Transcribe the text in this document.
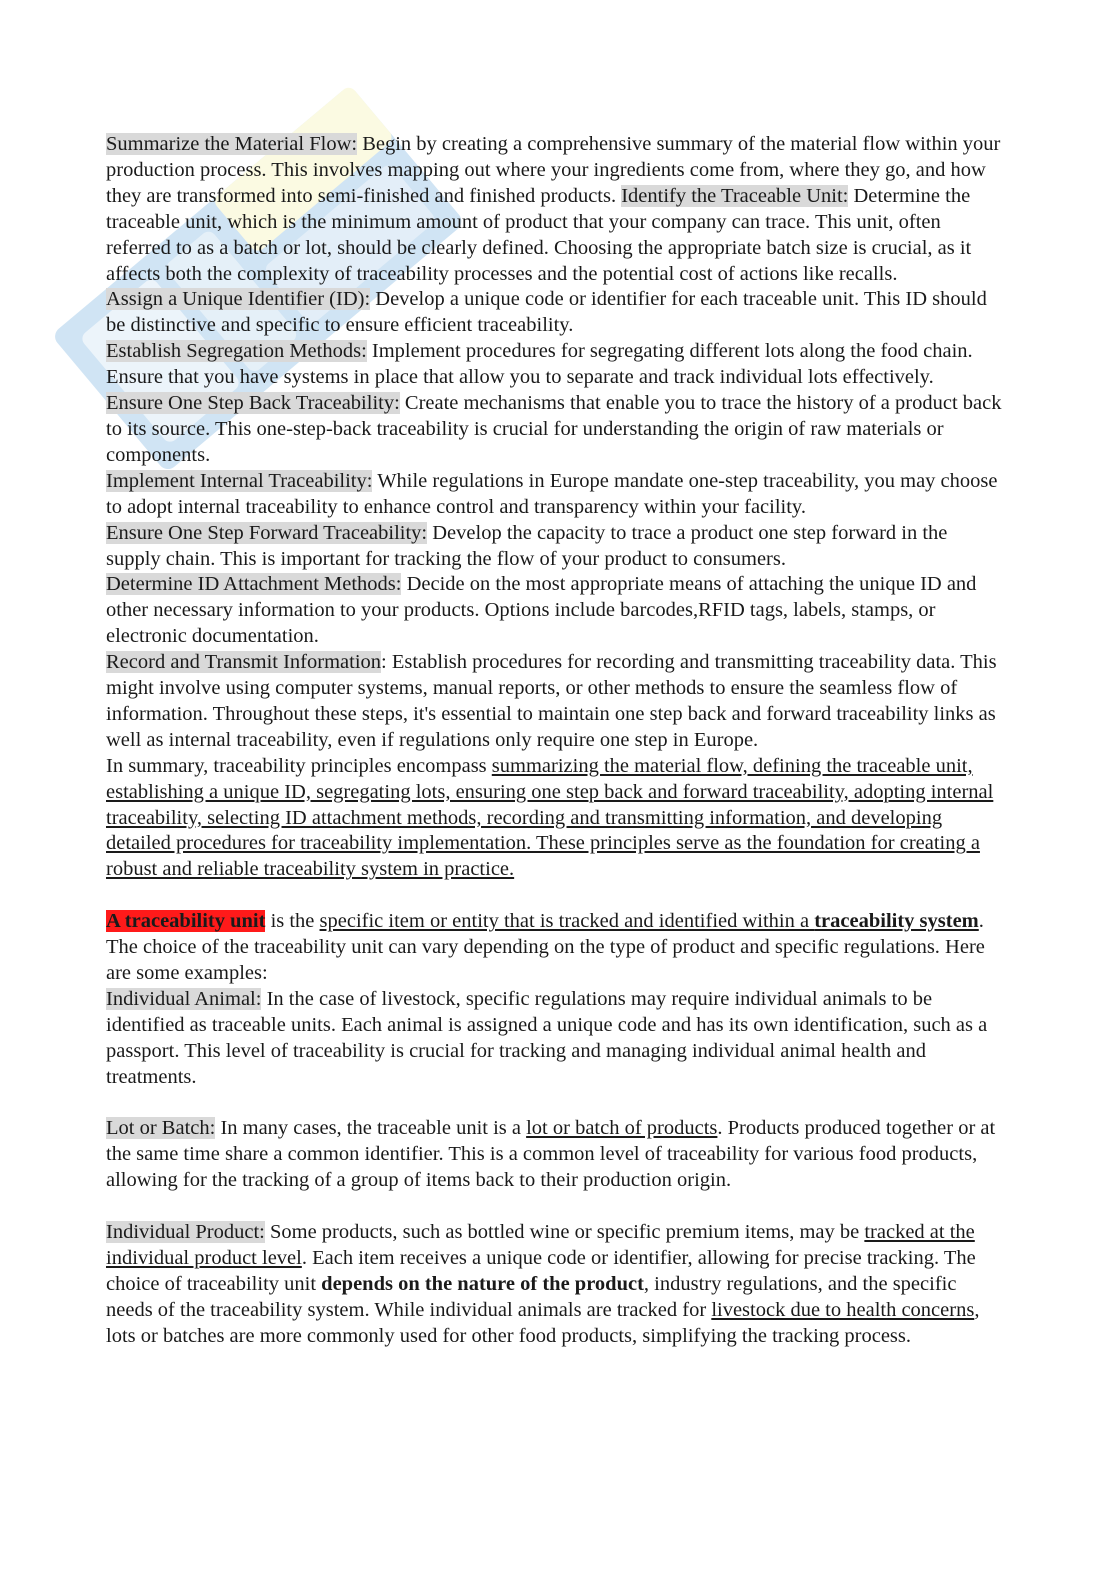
Summarize the Material Flow: Begin by creating a comprehensive summary of the material flow within your production process. This involves mapping out where your ingredients come from, where they go, and how they are transformed into semi-finished and finished products. Identify the Traceable Unit: Determine the traceable unit, which is the minimum amount of product that your company can trace. This unit, often referred to as a batch or lot, should be clearly defined. Choosing the appropriate batch size is crucial, as it affects both the complexity of traceability processes and the potential cost of actions like recalls.

Assign a Unique Identifier (ID): Develop a unique code or identifier for each traceable unit. This ID should be distinctive and specific to ensure efficient traceability.

Establish Segregation Methods: Implement procedures for segregating different lots along the food chain. Ensure that you have systems in place that allow you to separate and track individual lots effectively.

Ensure One Step Back Traceability: Create mechanisms that enable you to trace the history of a product back to its source. This one-step-back traceability is crucial for understanding the origin of raw materials or components.

Implement Internal Traceability: While regulations in Europe mandate one-step traceability, you may choose to adopt internal traceability to enhance control and transparency within your facility.

Ensure One Step Forward Traceability: Develop the capacity to trace a product one step forward in the supply chain. This is important for tracking the flow of your product to consumers.

Determine ID Attachment Methods: Decide on the most appropriate means of attaching the unique ID and other necessary information to your products. Options include barcodes,RFID tags, labels, stamps, or electronic documentation.

Record and Transmit Information: Establish procedures for recording and transmitting traceability data. This might involve using computer systems, manual reports, or other methods to ensure the seamless flow of information. Throughout these steps, it's essential to maintain one step back and forward traceability links as well as internal traceability, even if regulations only require one step in Europe.

In summary, traceability principles encompass summarizing the material flow, defining the traceable unit, establishing a unique ID, segregating lots, ensuring one step back and forward traceability, adopting internal traceability, selecting ID attachment methods, recording and transmitting information, and developing detailed procedures for traceability implementation. These principles serve as the foundation for creating a robust and reliable traceability system in practice.

A traceability unit is the specific item or entity that is tracked and identified within a traceability system. The choice of the traceability unit can vary depending on the type of product and specific regulations. Here are some examples:

Individual Animal: In the case of livestock, specific regulations may require individual animals to be identified as traceable units. Each animal is assigned a unique code and has its own identification, such as a passport. This level of traceability is crucial for tracking and managing individual animal health and treatments.

Lot or Batch: In many cases, the traceable unit is a lot or batch of products. Products produced together or at the same time share a common identifier. This is a common level of traceability for various food products, allowing for the tracking of a group of items back to their production origin.

Individual Product: Some products, such as bottled wine or specific premium items, may be tracked at the individual product level. Each item receives a unique code or identifier, allowing for precise tracking. The choice of traceability unit depends on the nature of the product, industry regulations, and the specific needs of the traceability system. While individual animals are tracked for livestock due to health concerns, lots or batches are more commonly used for other food products, simplifying the tracking process.
